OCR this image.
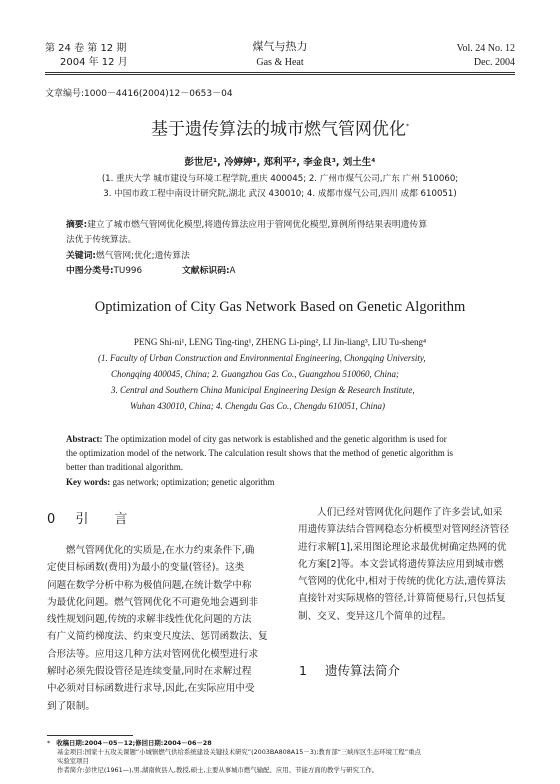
第 24 卷 第 12 期
2004 年 12 月
煤气与热力
Gas & Heat
Vol. 24 No. 12
Dec. 2004
文章编号:1000－4416(2004)12－0653－04
基于遗传算法的城市燃气管网优化*
彭世尼¹, 冷婷婷¹, 郑利平², 李金良³, 刘土生⁴
(1. 重庆大学 城市建设与环境工程学院,重庆 400045; 2. 广州市煤气公司,广东 广州 510060;
3. 中国市政工程中南设计研究院,湖北 武汉 430010; 4. 成都市煤气公司,四川 成都 610051)
摘要:建立了城市燃气管网优化模型,将遗传算法应用于管网优化模型,算例所得结果表明遗传算
法优于传统算法。
关键词:燃气管网;优化;遗传算法
中图分类号:TU996	文献标识码:A
Optimization of City Gas Network Based on Genetic Algorithm
PENG Shi-ni¹, LENG Ting-ting¹, ZHENG Li-ping², LI Jin-liang³, LIU Tu-sheng⁴
(1. Faculty of Urban Construction and Environmental Engineering, Chongqing University,
Chongqing 400045, China; 2. Guangzhou Gas Co., Guangzhou 510060, China;
3. Central and Southern China Municipal Engineering Design & Research Institute,
Wuhan 430010, China; 4. Chengdu Gas Co., Chengdu 610051, China)
Abstract: The optimization model of city gas network is established and the genetic algorithm is used for
the optimization model of the network. The calculation result shows that the method of genetic algorithm is
better than traditional algorithm.
Key words: gas network; optimization; genetic algorithm
0 引　　言
燃气管网优化的实质是,在水力约束条件下,确
定使目标函数(费用)为最小的变量(管径)。这类
问题在数学分析中称为极值问题,在统计数学中称
为最优化问题。燃气管网优化不可避免地会遇到非
线性规划问题,传统的求解非线性优化问题的方法
有广义简约梯度法、约束变尺度法、惩罚函数法、复
合形法等。应用这几种方法对管网优化模型进行求
解时必须先假设管径是连续变量,同时在求解过程
中必须对目标函数进行求导,因此,在实际应用中受
到了限制。
人们已经对管网优化问题作了许多尝试,如采
用遗传算法结合管网稳态分析模型对管网经济管径
进行求解[1],采用图论理论求最优树确定热网的优
化方案[2]等。本文尝试将遗传算法应用到城市燃
气管网的优化中,相对于传统的优化方法,遗传算法
直接针对实际规格的管径,计算简便易行,只包括复
制、交叉、变异这几个简单的过程。
1 遗传算法简介
* 收稿日期:2004－05－12;修回日期:2004－06－28
基金项目:国家十五攻关课题“小城镇燃气供给系统建设关键技术研究”(2003BA808A15－3);教育部“三峡库区生态环境工程”重点
实验室项目
作者简介:彭世尼(1961—),男,湖南攸县人,教授,硕士,主要从事城市燃气输配、应用、节能方面的教学与研究工作。
